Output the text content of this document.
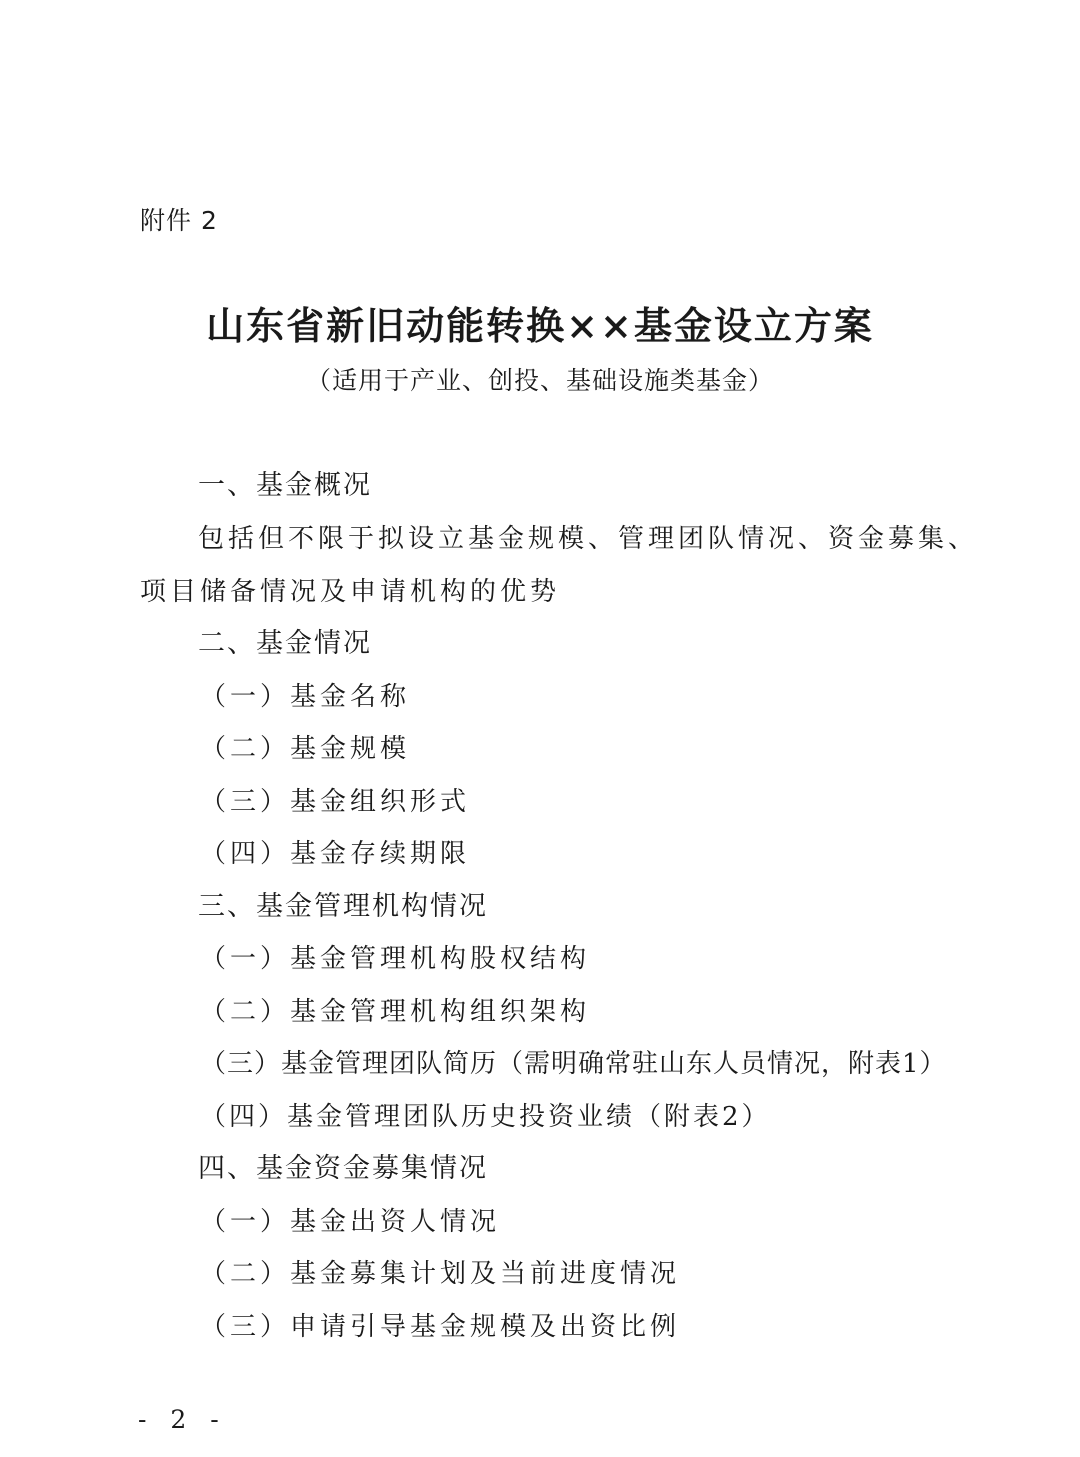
附件 2
山东省新旧动能转换××基金设立方案
（适用于产业、创投、基础设施类基金）
一、基金概况
包括但不限于拟设立基金规模、管理团队情况、资金募集、
项目储备情况及申请机构的优势
二、基金情况
（一）基金名称
（二）基金规模
（三）基金组织形式
（四）基金存续期限
三、基金管理机构情况
（一）基金管理机构股权结构
（二）基金管理机构组织架构
（三）基金管理团队简历（需明确常驻山东人员情况，附表1）
（四）基金管理团队历史投资业绩（附表2）
四、基金资金募集情况
（一）基金出资人情况
（二）基金募集计划及当前进度情况
（三）申请引导基金规模及出资比例
- 2 -
